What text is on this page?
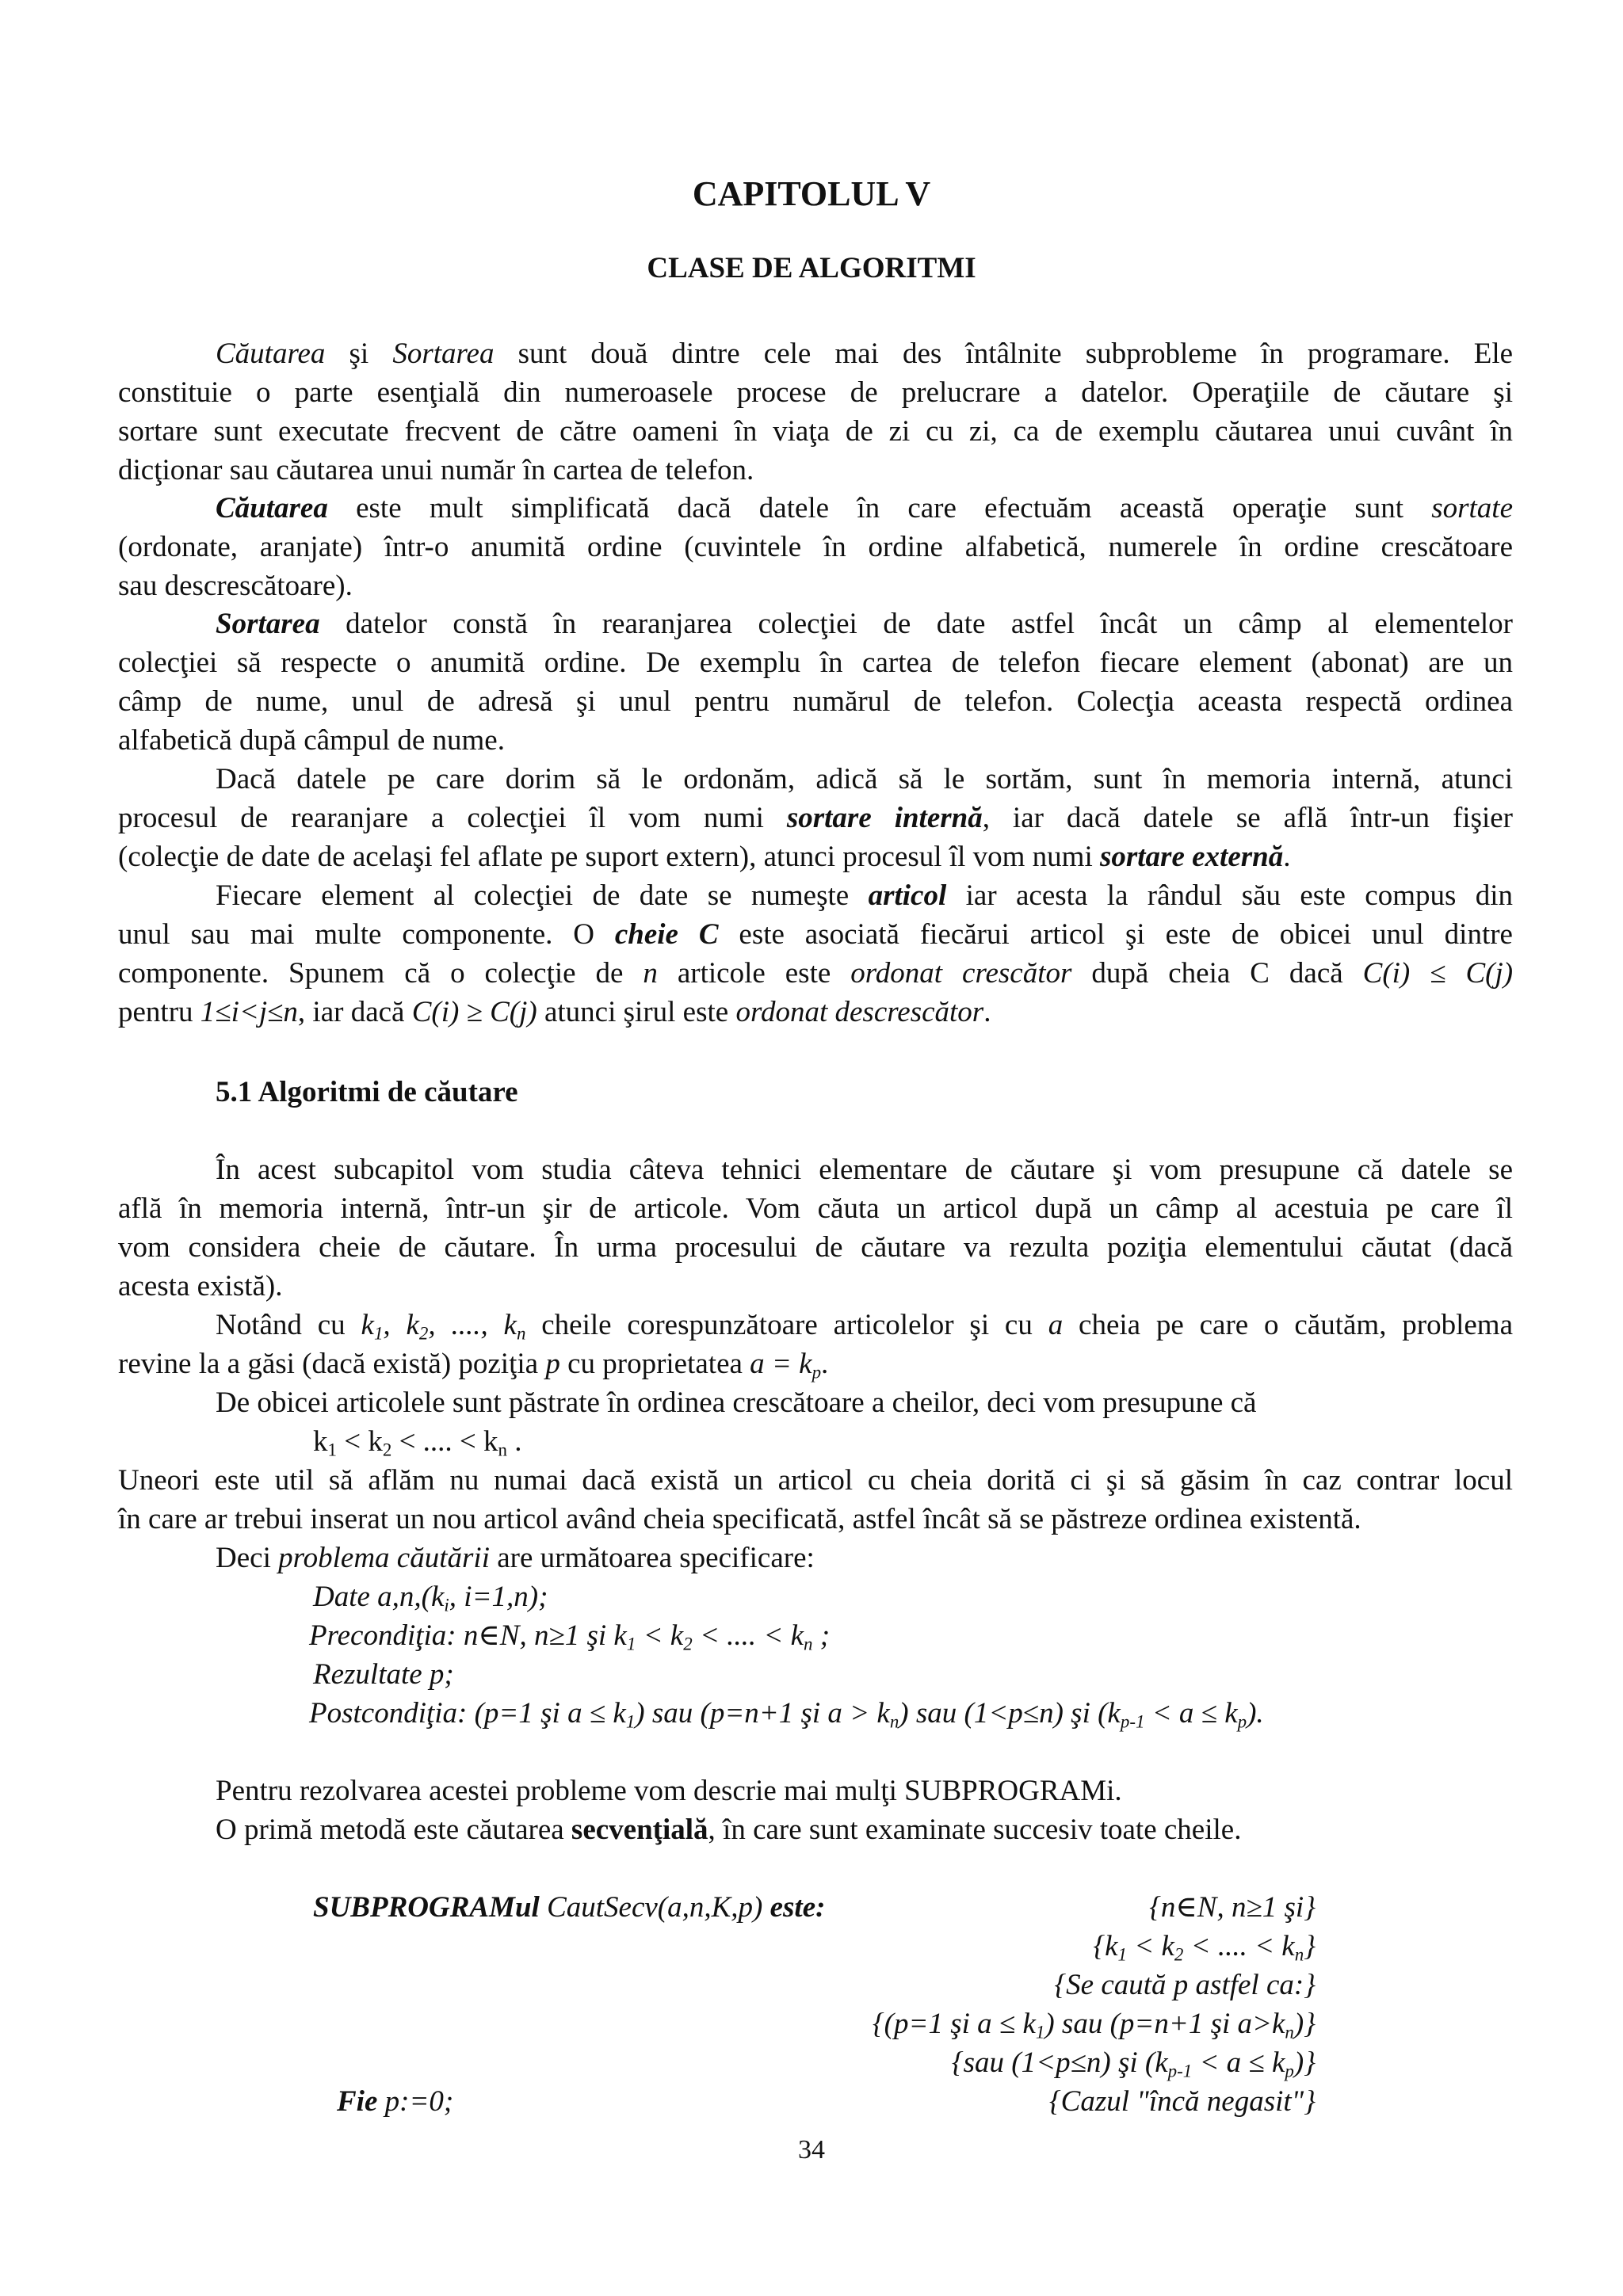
CAPITOLUL V
CLASE DE ALGORITMI
Căutarea şi Sortarea sunt două dintre cele mai des întâlnite subprobleme în programare. Ele
constituie o parte esenţială din numeroasele procese de prelucrare a datelor. Operaţiile de căutare şi
sortare sunt executate frecvent de către oameni în viaţa de zi cu zi, ca de exemplu căutarea unui cuvânt în
dicţionar sau căutarea unui număr în cartea de telefon.
Căutarea este mult simplificată dacă datele în care efectuăm această operaţie sunt sortate
(ordonate, aranjate) într-o anumită ordine (cuvintele în ordine alfabetică, numerele în ordine crescătoare
sau descrescătoare).
Sortarea datelor constă în rearanjarea colecţiei de date astfel încât un câmp al elementelor
colecţiei să respecte o anumită ordine. De exemplu în cartea de telefon fiecare element (abonat) are un
câmp de nume, unul de adresă şi unul pentru numărul de telefon. Colecţia aceasta respectă ordinea
alfabetică după câmpul de nume.
Dacă datele pe care dorim să le ordonăm, adică să le sortăm, sunt în memoria internă, atunci
procesul de rearanjare a colecţiei îl vom numi sortare internă, iar dacă datele se află într-un fişier
(colecţie de date de acelaşi fel aflate pe suport extern), atunci procesul îl vom numi sortare externă.
Fiecare element al colecţiei de date se numeşte articol iar acesta la rândul său este compus din
unul sau mai multe componente. O cheie C este asociată fiecărui articol şi este de obicei unul dintre
componente. Spunem că o colecţie de n articole este ordonat crescător după cheia C dacă C(i) ≤ C(j)
pentru 1≤i<j≤n, iar dacă C(i) ≥ C(j) atunci şirul este ordonat descrescător.
5.1 Algoritmi de căutare
În acest subcapitol vom studia câteva tehnici elementare de căutare şi vom presupune că datele se
află în memoria internă, într-un şir de articole. Vom căuta un articol după un câmp al acestuia pe care îl
vom considera cheie de căutare. În urma procesului de căutare va rezulta poziţia elementului căutat (dacă
acesta există).
Notând cu $k_1$, $k_2$, ...., $k_n$ cheile corespunzătoare articolelor şi cu a cheia pe care o căutăm, problema
revine la a găsi (dacă există) poziţia p cu proprietatea $a = k_p$.
De obicei articolele sunt păstrate în ordinea crescătoare a cheilor, deci vom presupune că
$k_1 < k_2$ < .... < $k_n$ .
Uneori este util să aflăm nu numai dacă există un articol cu cheia dorită ci şi să găsim în caz contrar locul
în care ar trebui inserat un nou articol având cheia specificată, astfel încât să se păstreze ordinea existentă.
Deci problema căutării are următoarea specificare:
Date $a,n,(k_i$, i=1,n);
Precondiţia: n∈N, n≥1 şi $k_1 < k_2$ < .... < $k_n$ ;
Rezultate p;
Postcondiţia: (p=1 şi $a \le k_1$) sau (p=n+1 şi $a > k_n$) sau (1<p≤n) şi $(k_{p-1} < a \le k_p)$.
Pentru rezolvarea acestei probleme vom descrie mai mulţi SUBPROGRAMi.
O primă metodă este căutarea secvenţială, în care sunt examinate succesiv toate cheile.
SUBPROGRAMul CautSecv(a,n,K,p) este:	{n∈N, n≥1 şi}
{$k_1 < k_2$ < .... < $k_n$}
{Se caută p astfel ca:}
{(p=1 şi $a \le k_1$) sau (p=n+1 şi $a>k_n$)}
{sau (1<p≤n) şi $(k_{p-1} < a \le k_p)$}
Fie p:=0;
34
{Cazul "încă negasit"}
